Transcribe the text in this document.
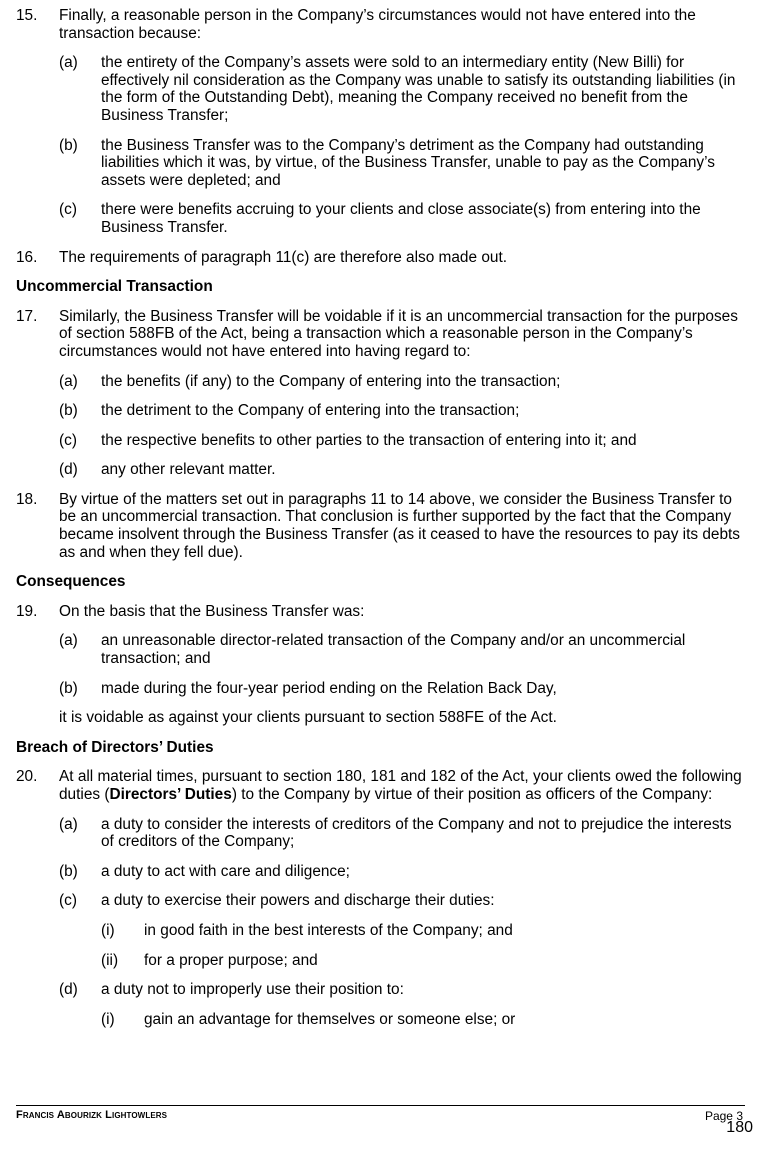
15. Finally, a reasonable person in the Company’s circumstances would not have entered into the transaction because:
(a) the entirety of the Company’s assets were sold to an intermediary entity (New Billi) for effectively nil consideration as the Company was unable to satisfy its outstanding liabilities (in the form of the Outstanding Debt), meaning the Company received no benefit from the Business Transfer;
(b) the Business Transfer was to the Company’s detriment as the Company had outstanding liabilities which it was, by virtue, of the Business Transfer, unable to pay as the Company’s assets were depleted; and
(c) there were benefits accruing to your clients and close associate(s) from entering into the Business Transfer.
16. The requirements of paragraph 11(c) are therefore also made out.
Uncommercial Transaction
17. Similarly, the Business Transfer will be voidable if it is an uncommercial transaction for the purposes of section 588FB of the Act, being a transaction which a reasonable person in the Company’s circumstances would not have entered into having regard to:
(a) the benefits (if any) to the Company of entering into the transaction;
(b) the detriment to the Company of entering into the transaction;
(c) the respective benefits to other parties to the transaction of entering into it; and
(d) any other relevant matter.
18. By virtue of the matters set out in paragraphs 11 to 14 above, we consider the Business Transfer to be an uncommercial transaction. That conclusion is further supported by the fact that the Company became insolvent through the Business Transfer (as it ceased to have the resources to pay its debts as and when they fell due).
Consequences
19. On the basis that the Business Transfer was:
(a) an unreasonable director-related transaction of the Company and/or an uncommercial transaction; and
(b) made during the four-year period ending on the Relation Back Day,
it is voidable as against your clients pursuant to section 588FE of the Act.
Breach of Directors’ Duties
20. At all material times, pursuant to section 180, 181 and 182 of the Act, your clients owed the following duties (Directors’ Duties) to the Company by virtue of their position as officers of the Company:
(a) a duty to consider the interests of creditors of the Company and not to prejudice the interests of creditors of the Company;
(b) a duty to act with care and diligence;
(c) a duty to exercise their powers and discharge their duties:
(i) in good faith in the best interests of the Company; and
(ii) for a proper purpose; and
(d) a duty not to improperly use their position to:
(i) gain an advantage for themselves or someone else; or
Francis Abourizk Lightowlers	Page 3
180
